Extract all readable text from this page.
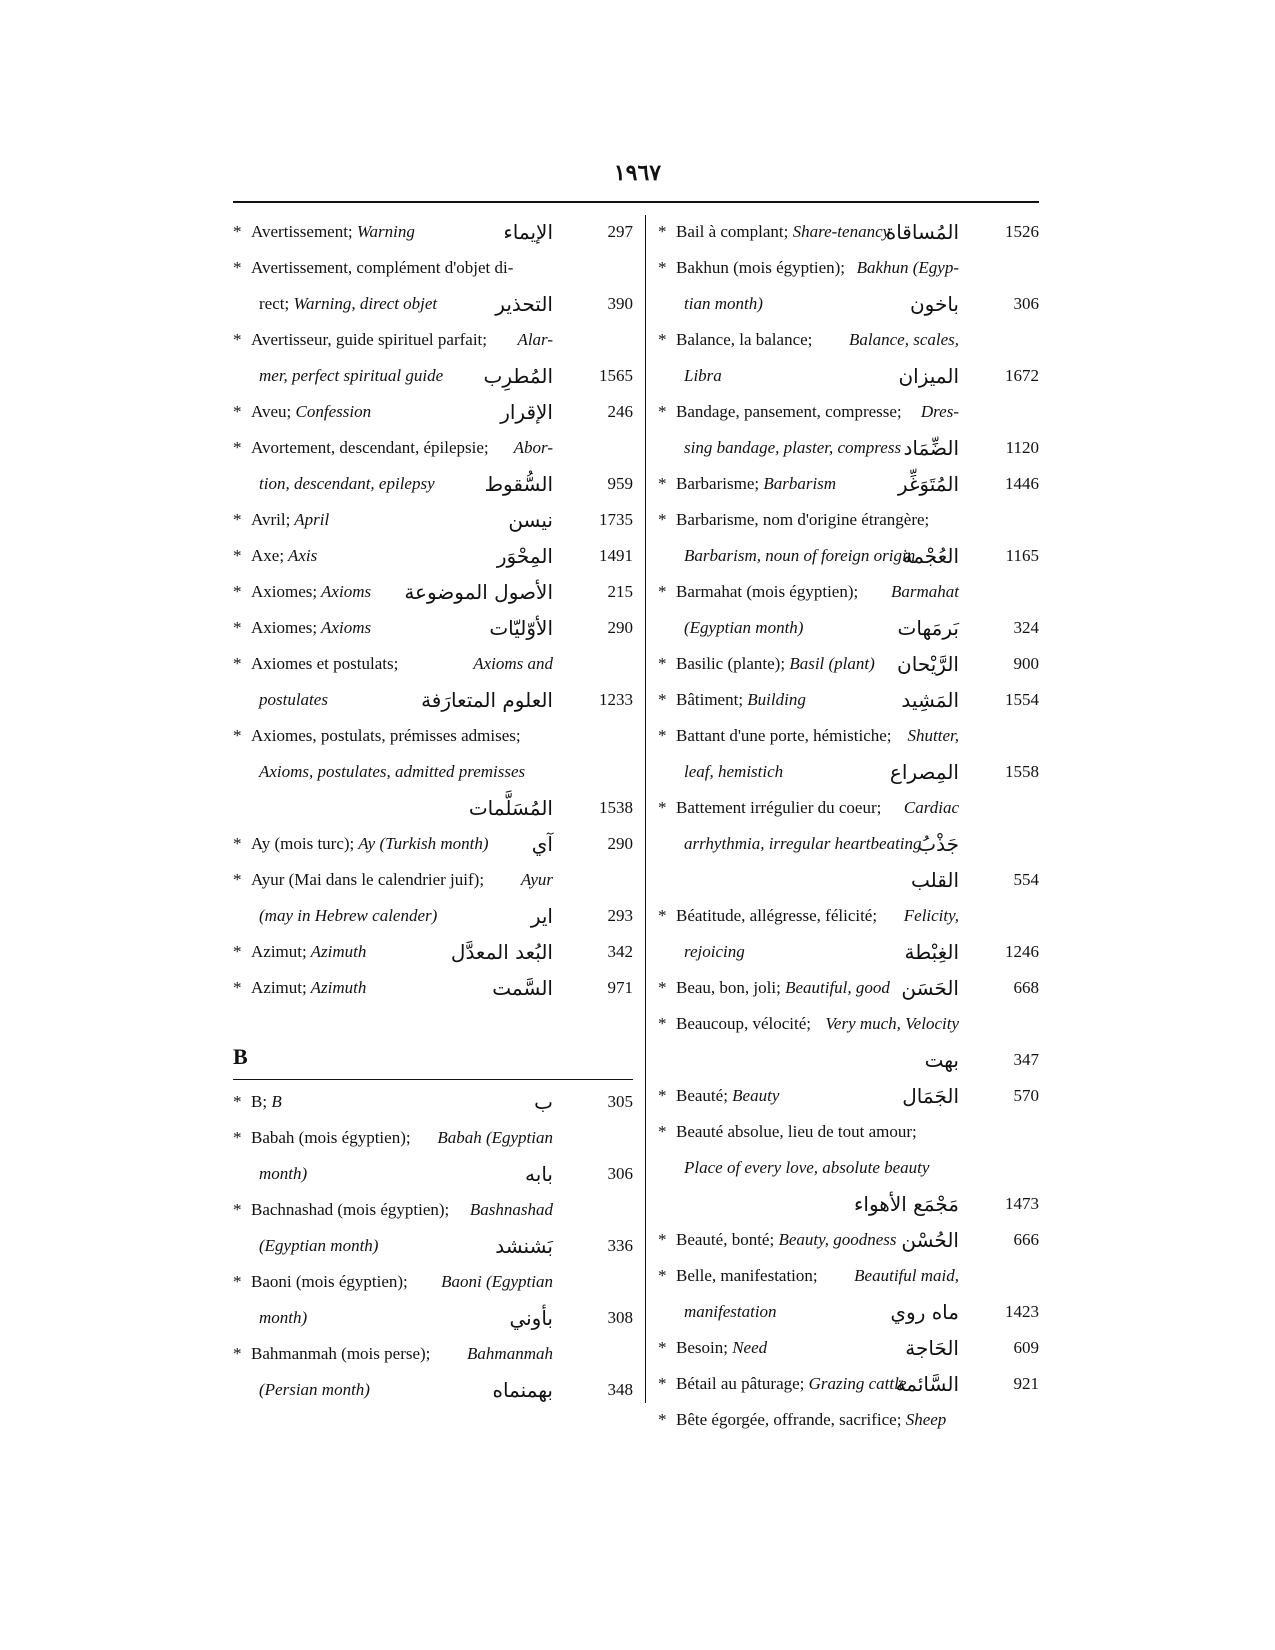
١٩٦٧
* Avertissement; Warning	الإيماء	297
* Avertissement, complément d'objet di-
rect; Warning, direct objet	التحذير	390
* Avertisseur, guide spirituel parfait; Alar-
mer, perfect spiritual guide المُطرِب	1565
* Aveu; Confession	الإقرار	246
* Avortement, descendant, épilepsie; Abor-
tion, descendant, epilepsy السُّقوط	959
* Avril; April	نيسن	1735
* Axe; Axis	المِحْوَر	1491
* Axiomes; Axioms الأصول الموضوعة	215
* Axiomes; Axioms	الأوّليّات	290
* Axiomes et postulats;	Axioms and
postulates	العلوم المتعارَفة	1233
* Axiomes, postulats, prémisses admises;
Axioms, postulates, admitted premisses
المُسَلَّمات	1538
* Ay (mois turc); Ay (Turkish month) آي	290
* Ayur (Mai dans le calendrier juif); Ayur
(may in Hebrew calender)	اير	293
* Azimut; Azimuth	البُعد المعدَّل	342
* Azimut; Azimuth	السَّمت	971
B
* B; B	ب	305
* Babah (mois égyptien); Babah (Egyptian
month)	بابه	306
* Bachnashad (mois égyptien); Bashnashad
(Egyptian month)	بَشنشد	336
* Baoni (mois égyptien); Baoni (Egyptian
month)	بأوني	308
* Bahmanmah (mois perse); Bahmanmah
(Persian month)	بهمنماه	348
* Bail à complant; Share-tenancy
المُساقاة	1526
* Bakhun (mois égyptien); Bakhun (Egyp-
tian month)	باخون	306
* Balance, la balance; Balance, scales,
Libra	الميزان	1672
* Bandage, pansement, compresse; Dres-
sing bandage, plaster, compress الضِّمَاد	1120
* Barbarisme; Barbarism	المُتَوَغِّر	1446
* Barbarisme, nom d'origine étrangère;
Barbarism, noun of foreign origin
العُجْمة	1165
* Barmahat (mois égyptien); Barmahat
(Egyptian month)	بَرمَهات	324
* Basilic (plante); Basil (plant) الرَّيْحان	900
* Bâtiment; Building	المَشِيد	1554
* Battant d'une porte, hémistiche; Shutter,
leaf, hemistich	المِصراع	1558
* Battement irrégulier du coeur; Cardiac
arrhythmia, irregular heartbeating
جَذْبُ
القلب	554
* Béatitude, allégresse, félicité; Felicity,
rejoicing	الغِبْطة	1246
* Beau, bon, joli; Beautiful, good الحَسَن	668
* Beaucoup, vélocité; Very much, Velocity
بهت	347
* Beauté; Beauty	الجَمَال	570
* Beauté absolue, lieu de tout amour;
Place of every love, absolute beauty
مَجْمَع الأهواء	1473
* Beauté, bonté; Beauty, goodness الحُسْن	666
* Belle, manifestation; Beautiful maid,
manifestation	ماه روي	1423
* Besoin; Need	الحَاجة	609
* Bétail au pâturage; Grazing cattle
السَّائمة	921
* Bête égorgée, offrande, sacrifice; Sheep
